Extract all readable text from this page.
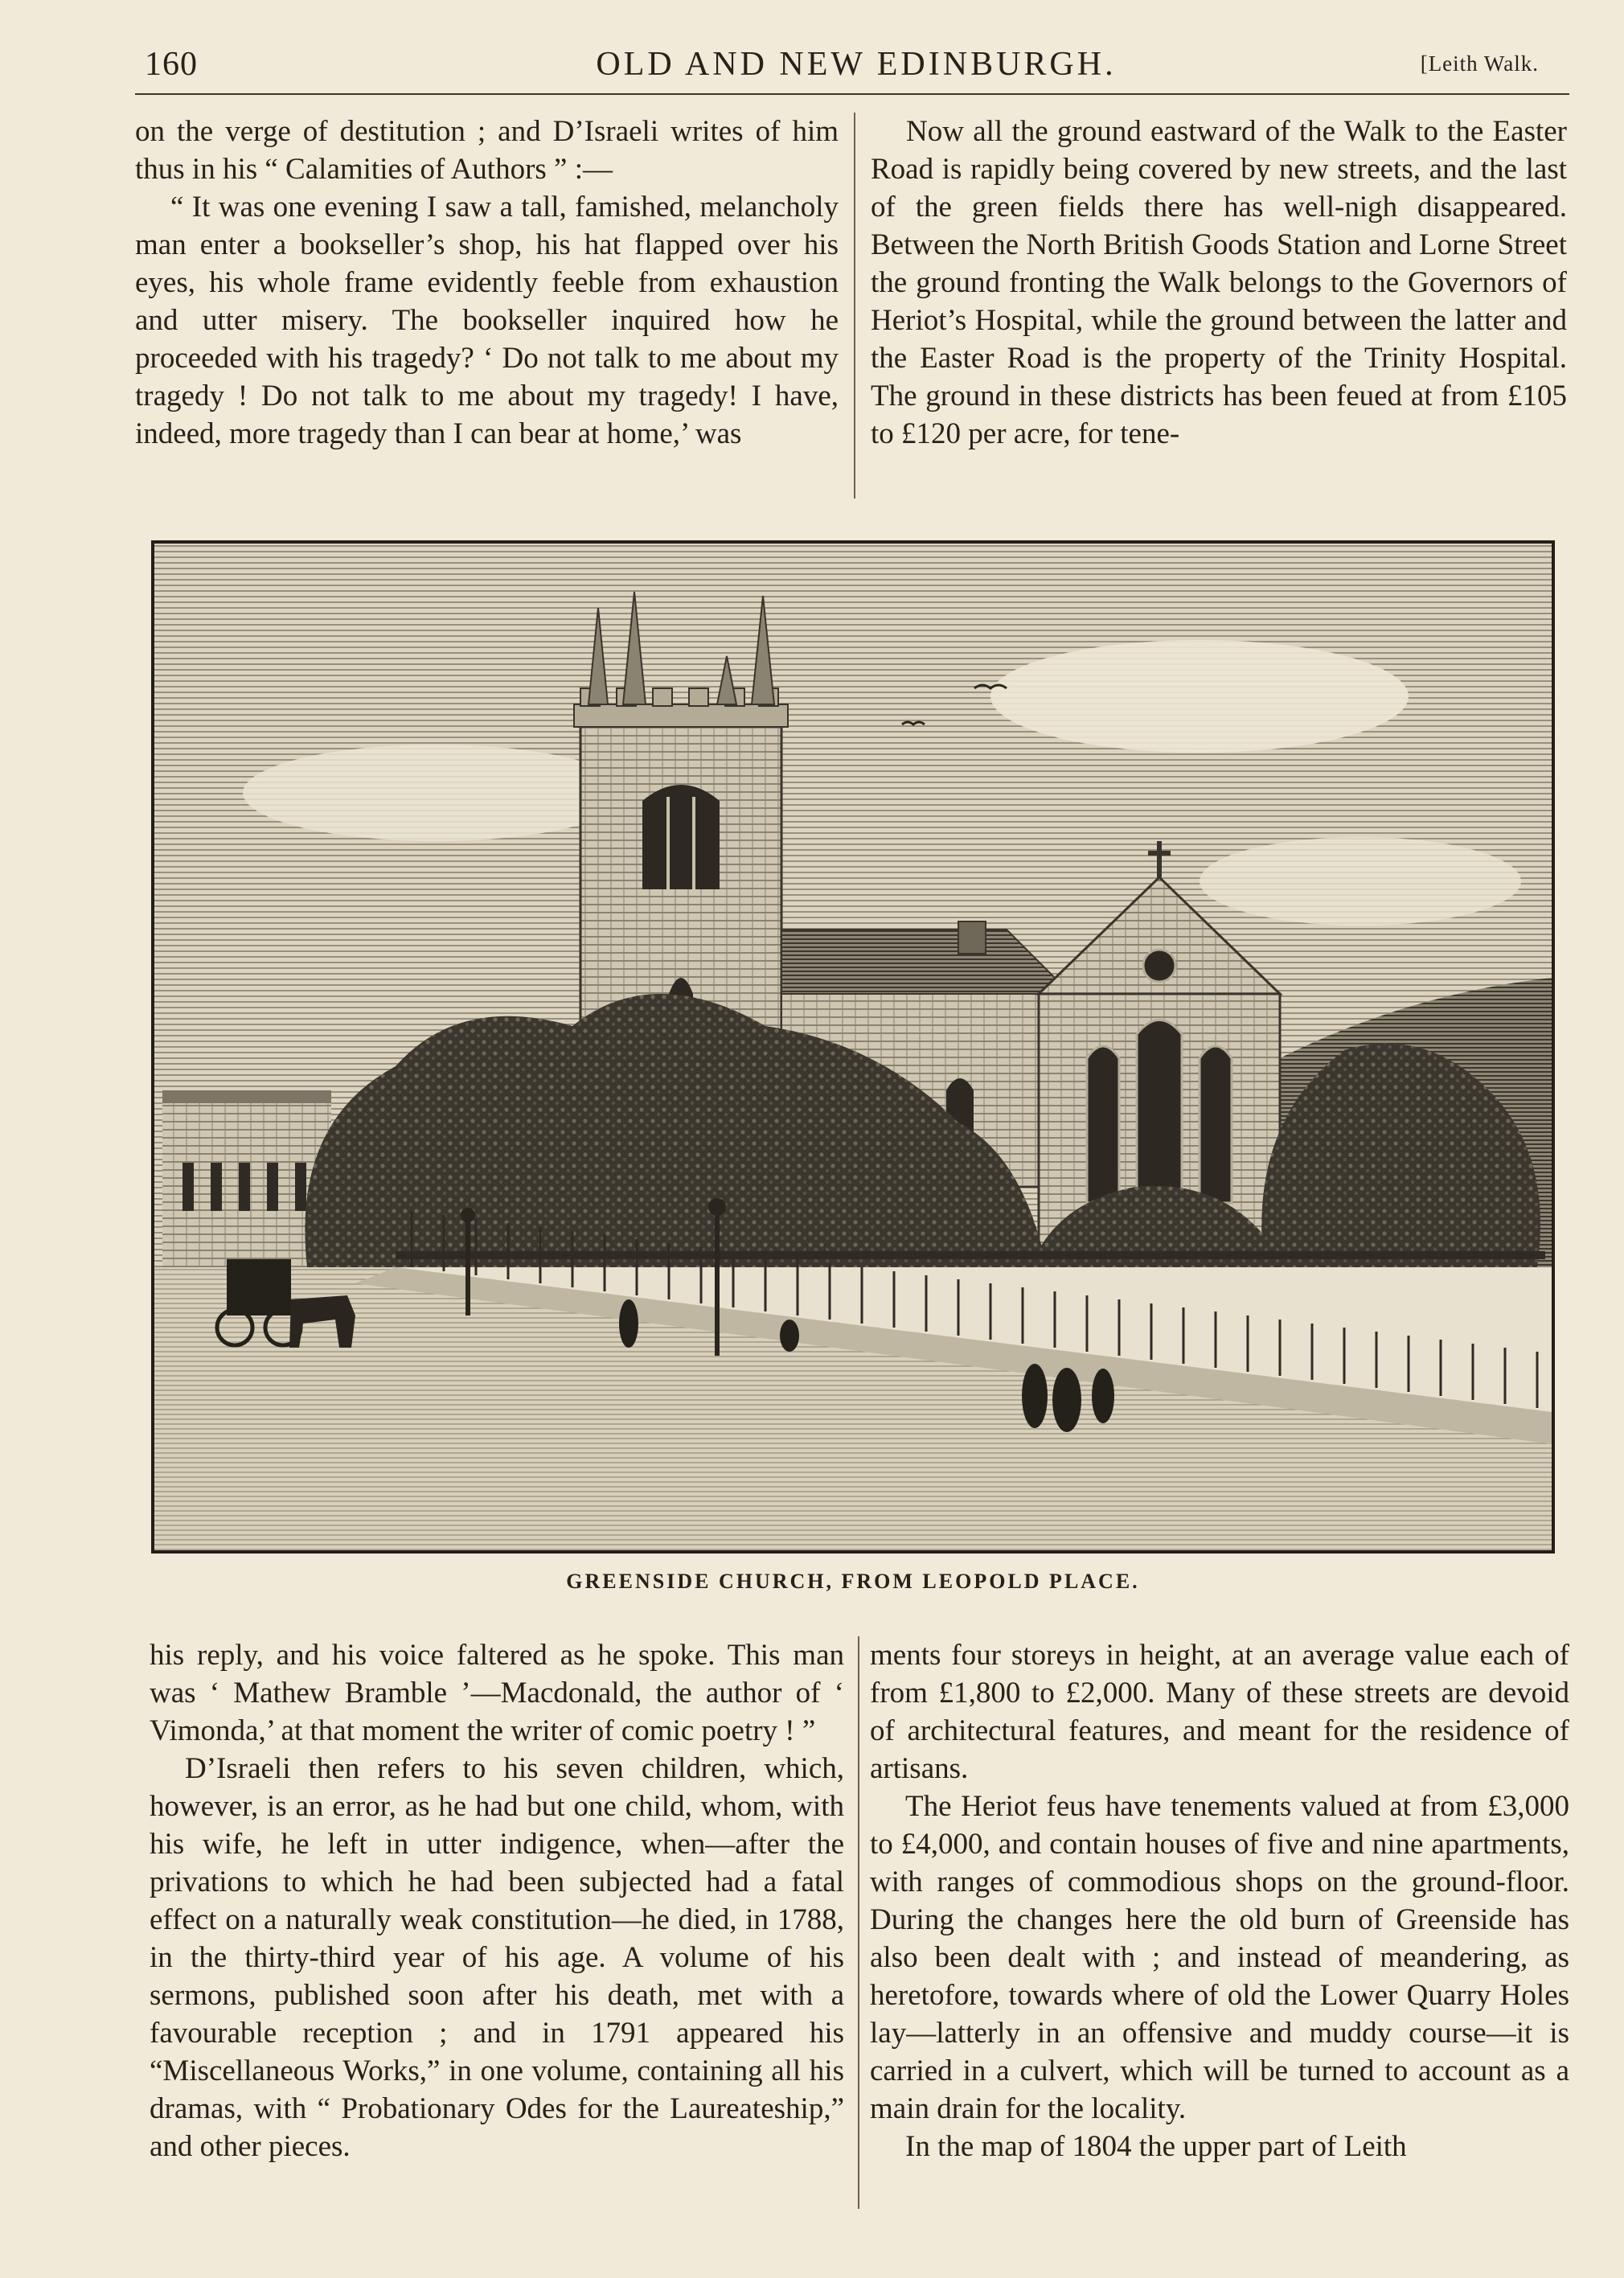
160	OLD AND NEW EDINBURGH.	[Leith Walk.

on the verge of destitution ; and D’Israeli writes of him thus in his “ Calamities of Authors ” :—

“ It was one evening I saw a tall, famished, melancholy man enter a bookseller’s shop, his hat flapped over his eyes, his whole frame evidently feeble from exhaustion and utter misery. The bookseller inquired how he proceeded with his tragedy? ‘ Do not talk to me about my tragedy ! Do not talk to me about my tragedy! I have, indeed, more tragedy than I can bear at home,’ was

Now all the ground eastward of the Walk to the Easter Road is rapidly being covered by new streets, and the last of the green fields there has well-nigh disappeared. Between the North British Goods Station and Lorne Street the ground fronting the Walk belongs to the Governors of Heriot’s Hospital, while the ground between the latter and the Easter Road is the property of the Trinity Hospital. The ground in these districts has been feued at from £105 to £120 per acre, for tene-

GREENSIDE CHURCH, FROM LEOPOLD PLACE.

his reply, and his voice faltered as he spoke. This man was ‘ Mathew Bramble ’—Macdonald, the author of ‘ Vimonda,’ at that moment the writer of comic poetry ! ”

D’Israeli then refers to his seven children, which, however, is an error, as he had but one child, whom, with his wife, he left in utter indigence, when—after the privations to which he had been subjected had a fatal effect on a naturally weak constitution—he died, in 1788, in the thirty-third year of his age. A volume of his sermons, published soon after his death, met with a favourable reception ; and in 1791 appeared his “Miscellaneous Works,” in one volume, containing all his dramas, with “ Probationary Odes for the Laureateship,” and other pieces.

ments four storeys in height, at an average value each of from £1,800 to £2,000. Many of these streets are devoid of architectural features, and meant for the residence of artisans.

The Heriot feus have tenements valued at from £3,000 to £4,000, and contain houses of five and nine apartments, with ranges of commodious shops on the ground-floor. During the changes here the old burn of Greenside has also been dealt with ; and instead of meandering, as heretofore, towards where of old the Lower Quarry Holes lay—latterly in an offensive and muddy course—it is carried in a culvert, which will be turned to account as a main drain for the locality.

In the map of 1804 the upper part of Leith
